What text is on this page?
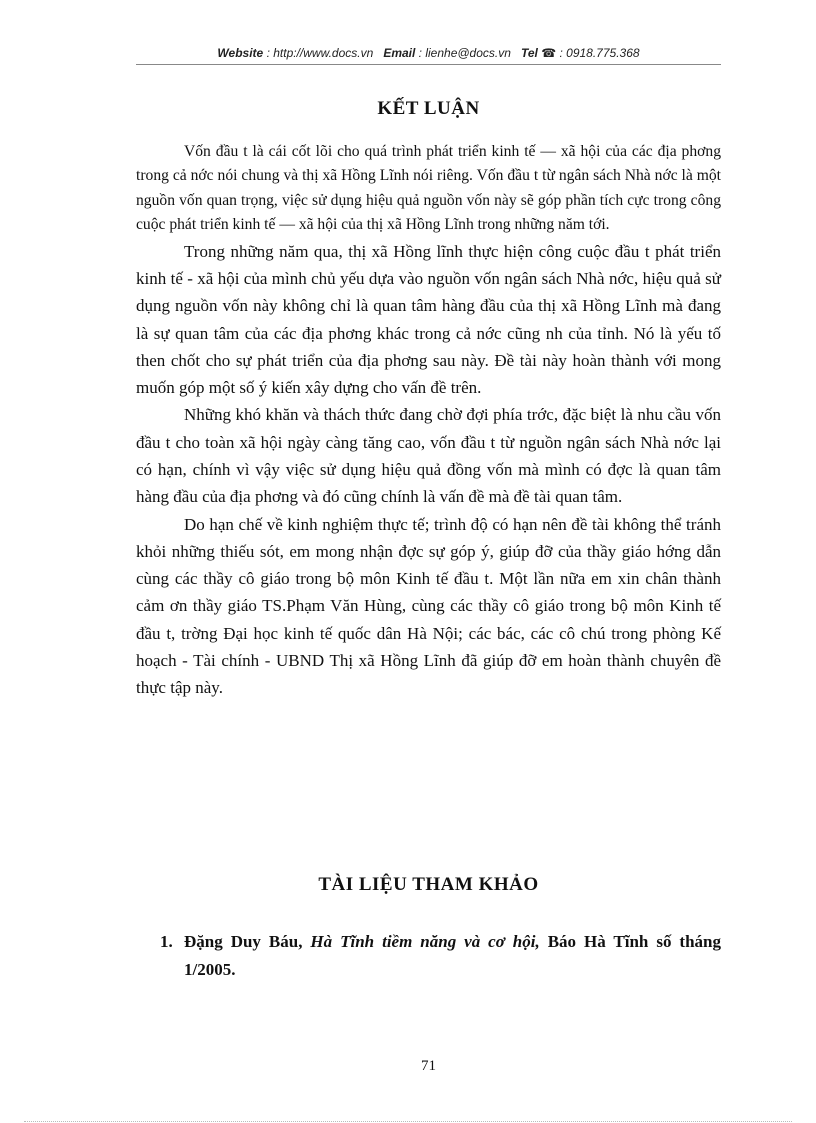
Website : http://www.docs.vn Email : lienhe@docs.vn Tel ☎ : 0918.775.368
KẾT LUẬN

Vốn đầu t là cái cốt lõi cho quá trình phát triển kinh tế — xã hội của các địa phơng trong cả nớc nói chung và thị xã Hồng Lĩnh nói riêng. Vốn đầu t từ ngân sách Nhà nớc là một nguồn vốn quan trọng, việc sử dụng hiệu quả nguồn vốn này sẽ góp phần tích cực trong công cuộc phát triển kinh tế — xã hội của thị xã Hồng Lĩnh trong những năm tới.

Trong những năm qua, thị xã Hồng lĩnh thực hiện công cuộc đầu t phát triển kinh tế - xã hội của mình chủ yếu dựa vào nguồn vốn ngân sách Nhà nớc, hiệu quả sử dụng nguồn vốn này không chỉ là quan tâm hàng đầu của thị xã Hồng Lĩnh mà đang là sự quan tâm của các địa phơng khác trong cả nớc cũng nh của tỉnh. Nó là yếu tố then chốt cho sự phát triển của địa phơng sau này. Đề tài này hoàn thành với mong muốn góp một số ý kiến xây dựng cho vấn đề trên.

Những khó khăn và thách thức đang chờ đợi phía trớc, đặc biệt là nhu cầu vốn đầu t cho toàn xã hội ngày càng tăng cao, vốn đầu t từ nguồn ngân sách Nhà nớc lại có hạn, chính vì vậy việc sử dụng hiệu quả đồng vốn mà mình có đợc là quan tâm hàng đầu của địa phơng và đó cũng chính là vấn đề mà đề tài quan tâm.

Do hạn chế về kinh nghiệm thực tế; trình độ có hạn nên đề tài không thể tránh khỏi những thiếu sót, em mong nhận đợc sự góp ý, giúp đỡ của thầy giáo hớng dẫn cùng các thầy cô giáo trong bộ môn Kinh tế đầu t. Một lần nữa em xin chân thành cảm ơn thầy giáo TS.Phạm Văn Hùng, cùng các thầy cô giáo trong bộ môn Kinh tế đầu t, trờng Đại học kinh tế quốc dân Hà Nội; các bác, các cô chú trong phòng Kế hoạch - Tài chính - UBND Thị xã Hồng Lĩnh đã giúp đỡ em hoàn thành chuyên đề thực tập này.

TÀI LIỆU THAM KHẢO
1. Đặng Duy Báu, Hà Tĩnh tiềm năng và cơ hội, Báo Hà Tĩnh số tháng 1/2005.
71
